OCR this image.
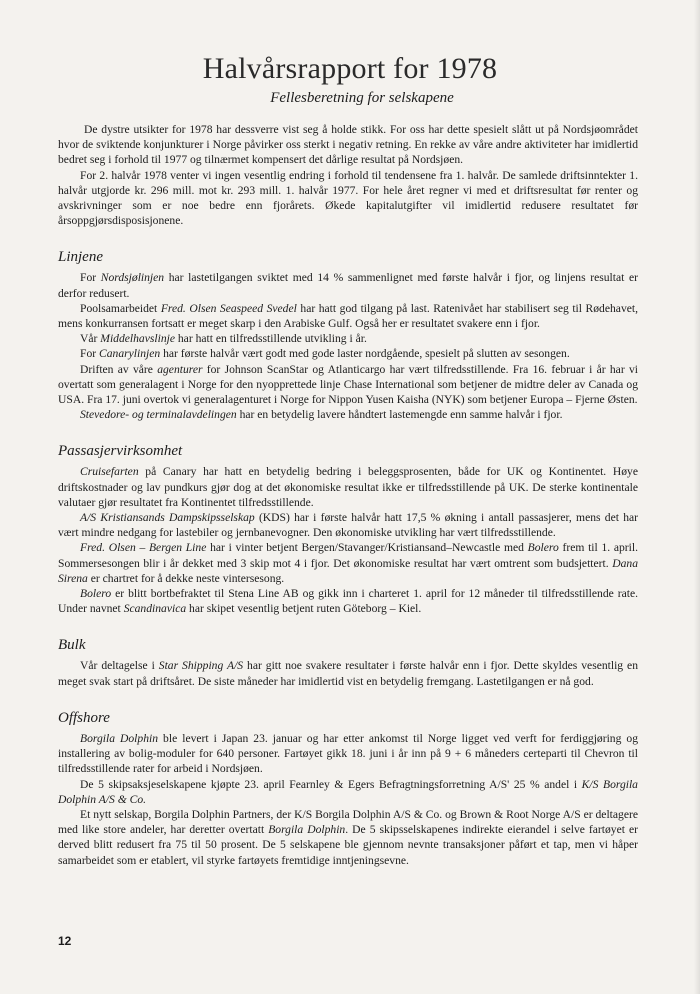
Halvårsrapport for 1978
Fellesberetning for selskapene

De dystre utsikter for 1978 har dessverre vist seg å holde stikk. For oss har dette spesielt slått ut på Nordsjøområdet hvor de sviktende konjunkturer i Norge påvirker oss sterkt i negativ retning. En rekke av våre andre aktiviteter har imidlertid bedret seg i forhold til 1977 og tilnærmet kompensert det dårlige resultat på Nordsjøen.

For 2. halvår 1978 venter vi ingen vesentlig endring i forhold til tendensene fra 1. halvår. De samlede driftsinntekter 1. halvår utgjorde kr. 296 mill. mot kr. 293 mill. 1. halvår 1977. For hele året regner vi med et driftsresultat før renter og avskrivninger som er noe bedre enn fjorårets. Økede kapitalutgifter vil imidlertid redusere resultatet før årsoppgjørsdisposisjonene.

Linjene

For Nordsjølinjen har lastetilgangen sviktet med 14 % sammenlignet med første halvår i fjor, og linjens resultat er derfor redusert.

Poolsamarbeidet Fred. Olsen Seaspeed Svedel har hatt god tilgang på last. Ratenivået har stabilisert seg til Rødehavet, mens konkurransen fortsatt er meget skarp i den Arabiske Gulf. Også her er resultatet svakere enn i fjor.

Vår Middelhavslinje har hatt en tilfredsstillende utvikling i år.

For Canarylinjen har første halvår vært godt med gode laster nordgående, spesielt på slutten av sesongen.

Driften av våre agenturer for Johnson ScanStar og Atlanticargo har vært tilfredsstillende. Fra 16. februar i år har vi overtatt som generalagent i Norge for den nyopprettede linje Chase International som betjener de midtre deler av Canada og USA. Fra 17. juni overtok vi generalagenturet i Norge for Nippon Yusen Kaisha (NYK) som betjener Europa – Fjerne Østen.

Stevedore- og terminalavdelingen har en betydelig lavere håndtert lastemengde enn samme halvår i fjor.

Passasjervirksomhet

Cruisefarten på Canary har hatt en betydelig bedring i beleggsprosenten, både for UK og Kontinentet. Høye driftskostnader og lav pundkurs gjør dog at det økonomiske resultat ikke er tilfredsstillende på UK. De sterke kontinentale valutaer gjør resultatet fra Kontinentet tilfredsstillende.

A/S Kristiansands Dampskipsselskap (KDS) har i første halvår hatt 17,5 % økning i antall passasjerer, mens det har vært mindre nedgang for lastebiler og jernbanevogner. Den økonomiske utvikling har vært tilfredsstillende.

Fred. Olsen – Bergen Line har i vinter betjent Bergen/Stavanger/Kristiansand–Newcastle med Bolero frem til 1. april. Sommersesongen blir i år dekket med 3 skip mot 4 i fjor. Det økonomiske resultat har vært omtrent som budsjettert. Dana Sirena er chartret for å dekke neste vintersesong.

Bolero er blitt bortbefraktet til Stena Line AB og gikk inn i charteret 1. april for 12 måneder til tilfredsstillende rate. Under navnet Scandinavica har skipet vesentlig betjent ruten Göteborg – Kiel.

Bulk

Vår deltagelse i Star Shipping A/S har gitt noe svakere resultater i første halvår enn i fjor. Dette skyldes vesentlig en meget svak start på driftsåret. De siste måneder har imidlertid vist en betydelig fremgang. Lastetilgangen er nå god.

Offshore

Borgila Dolphin ble levert i Japan 23. januar og har etter ankomst til Norge ligget ved verft for ferdiggjøring og installering av bolig-moduler for 640 personer. Fartøyet gikk 18. juni i år inn på 9 + 6 måneders certeparti til Chevron til tilfredsstillende rater for arbeid i Nordsjøen.

De 5 skipsaksjeselskapene kjøpte 23. april Fearnley & Egers Befragtningsforretning A/S' 25 % andel i K/S Borgila Dolphin A/S & Co.

Et nytt selskap, Borgila Dolphin Partners, der K/S Borgila Dolphin A/S & Co. og Brown & Root Norge A/S er deltagere med like store andeler, har deretter overtatt Borgila Dolphin. De 5 skipsselskapenes indirekte eierandel i selve fartøyet er derved blitt redusert fra 75 til 50 prosent. De 5 selskapene ble gjennom nevnte transaksjoner påført et tap, men vi håper samarbeidet som er etablert, vil styrke fartøyets fremtidige inntjeningsevne.

12
